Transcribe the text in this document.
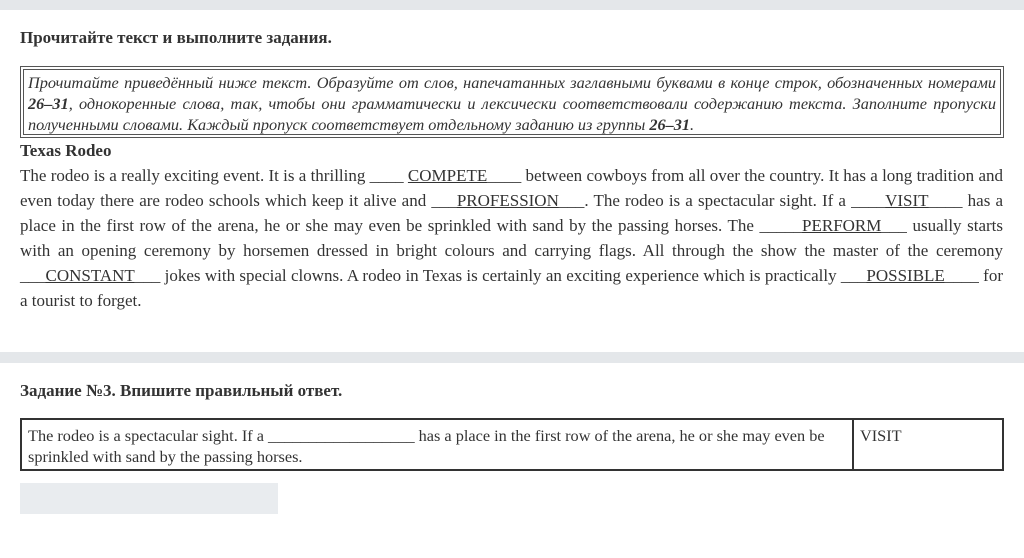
Прочитайте текст и выполните задания.
Прочитайте приведённый ниже текст. Образуйте от слов, напечатанных заглавными буквами в конце строк, обозначенных номерами 26–31, однокоренные слова, так, чтобы они грамматически и лексически соответствовали содержанию текста. Заполните пропуски полученными словами. Каждый пропуск соответствует отдельному заданию из группы 26–31.
Texas Rodeo
The rodeo is a really exciting event. It is a thrilling ____ COMPETE____ between cowboys from all over the country. It has a long tradition and even today there are rodeo schools which keep it alive and ___PROFESSION___. The rodeo is a spectacular sight. If a ____VISIT____ has a place in the first row of the arena, he or she may even be sprinkled with sand by the passing horses. The _____PERFORM___ usually starts with an opening ceremony by horsemen dressed in bright colours and carrying flags. All through the show the master of the ceremony ___CONSTANT___ jokes with special clowns. A rodeo in Texas is certainly an exciting experience which is practically ___POSSIBLE____ for a tourist to forget.
Задание №3. Впишите правильный ответ.
The rodeo is a spectacular sight. If a __________________ has a place in the first row of the arena, he or she may even be sprinkled with sand by the passing horses.	VISIT
